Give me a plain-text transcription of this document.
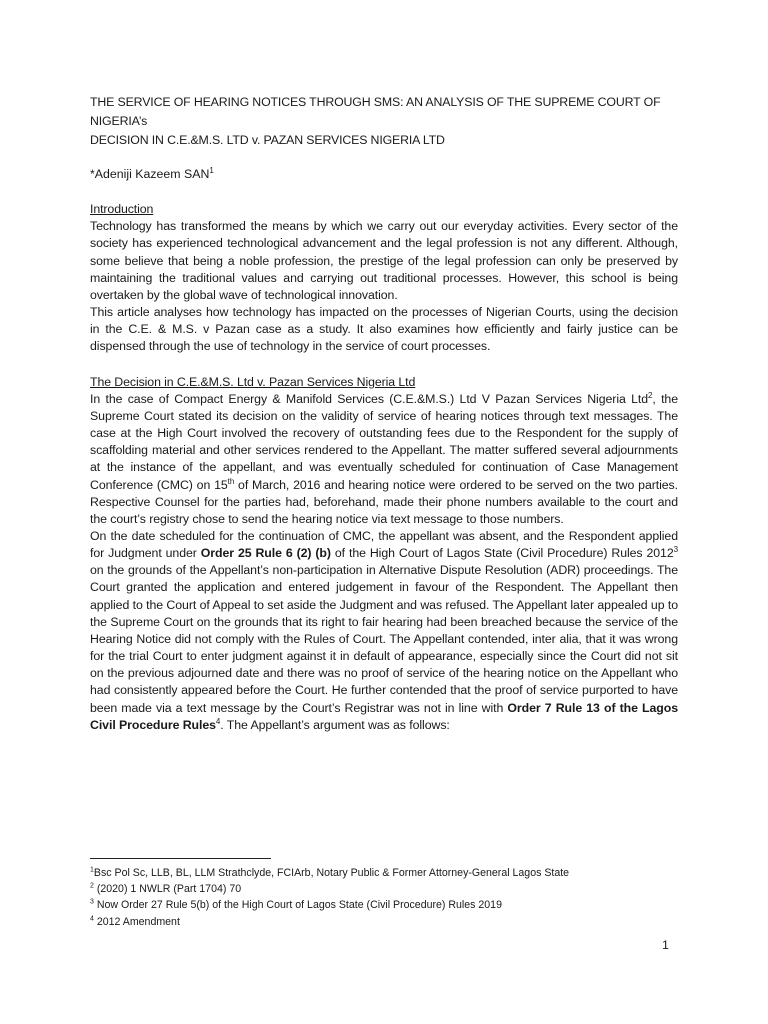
THE SERVICE OF HEARING NOTICES THROUGH SMS: AN ANALYSIS OF THE SUPREME COURT OF NIGERIA’s
DECISION IN C.E.&M.S. LTD v. PAZAN SERVICES NIGERIA LTD
*Adeniji Kazeem SAN$^1$
Introduction

Technology has transformed the means by which we carry out our everyday activities. Every sector of the society has experienced technological advancement and the legal profession is not any different. Although, some believe that being a noble profession, the prestige of the legal profession can only be preserved by maintaining the traditional values and carrying out traditional processes. However, this school is being overtaken by the global wave of technological innovation.

This article analyses how technology has impacted on the processes of Nigerian Courts, using the decision in the C.E. & M.S. v Pazan case as a study. It also examines how efficiently and fairly justice can be dispensed through the use of technology in the service of court processes.

The Decision in C.E.&M.S. Ltd v. Pazan Services Nigeria Ltd

In the case of Compact Energy & Manifold Services (C.E.&M.S.) Ltd V Pazan Services Nigeria Ltd$^2$, the Supreme Court stated its decision on the validity of service of hearing notices through text messages. The case at the High Court involved the recovery of outstanding fees due to the Respondent for the supply of scaffolding material and other services rendered to the Appellant. The matter suffered several adjournments at the instance of the appellant, and was eventually scheduled for continuation of Case Management Conference (CMC) on 15th of March, 2016 and hearing notice were ordered to be served on the two parties. Respective Counsel for the parties had, beforehand, made their phone numbers available to the court and the court’s registry chose to send the hearing notice via text message to those numbers.

On the date scheduled for the continuation of CMC, the appellant was absent, and the Respondent applied for Judgment under Order 25 Rule 6 (2) (b) of the High Court of Lagos State (Civil Procedure) Rules 2012$^3$ on the grounds of the Appellant’s non-participation in Alternative Dispute Resolution (ADR) proceedings. The Court granted the application and entered judgement in favour of the Respondent. The Appellant then applied to the Court of Appeal to set aside the Judgment and was refused. The Appellant later appealed up to the Supreme Court on the grounds that its right to fair hearing had been breached because the service of the Hearing Notice did not comply with the Rules of Court. The Appellant contended, inter alia, that it was wrong for the trial Court to enter judgment against it in default of appearance, especially since the Court did not sit on the previous adjourned date and there was no proof of service of the hearing notice on the Appellant who had consistently appeared before the Court. He further contended that the proof of service purported to have been made via a text message by the Court’s Registrar was not in line with Order 7 Rule 13 of the Lagos Civil Procedure Rules$^4$. The Appellant’s argument was as follows:

$^1$Bsc Pol Sc, LLB, BL, LLM Strathclyde, FCIArb, Notary Public & Former Attorney-General Lagos State
$^2$ (2020) 1 NWLR (Part 1704) 70
$^3$ Now Order 27 Rule 5(b) of the High Court of Lagos State (Civil Procedure) Rules 2019
$^4$ 2012 Amendment
1
